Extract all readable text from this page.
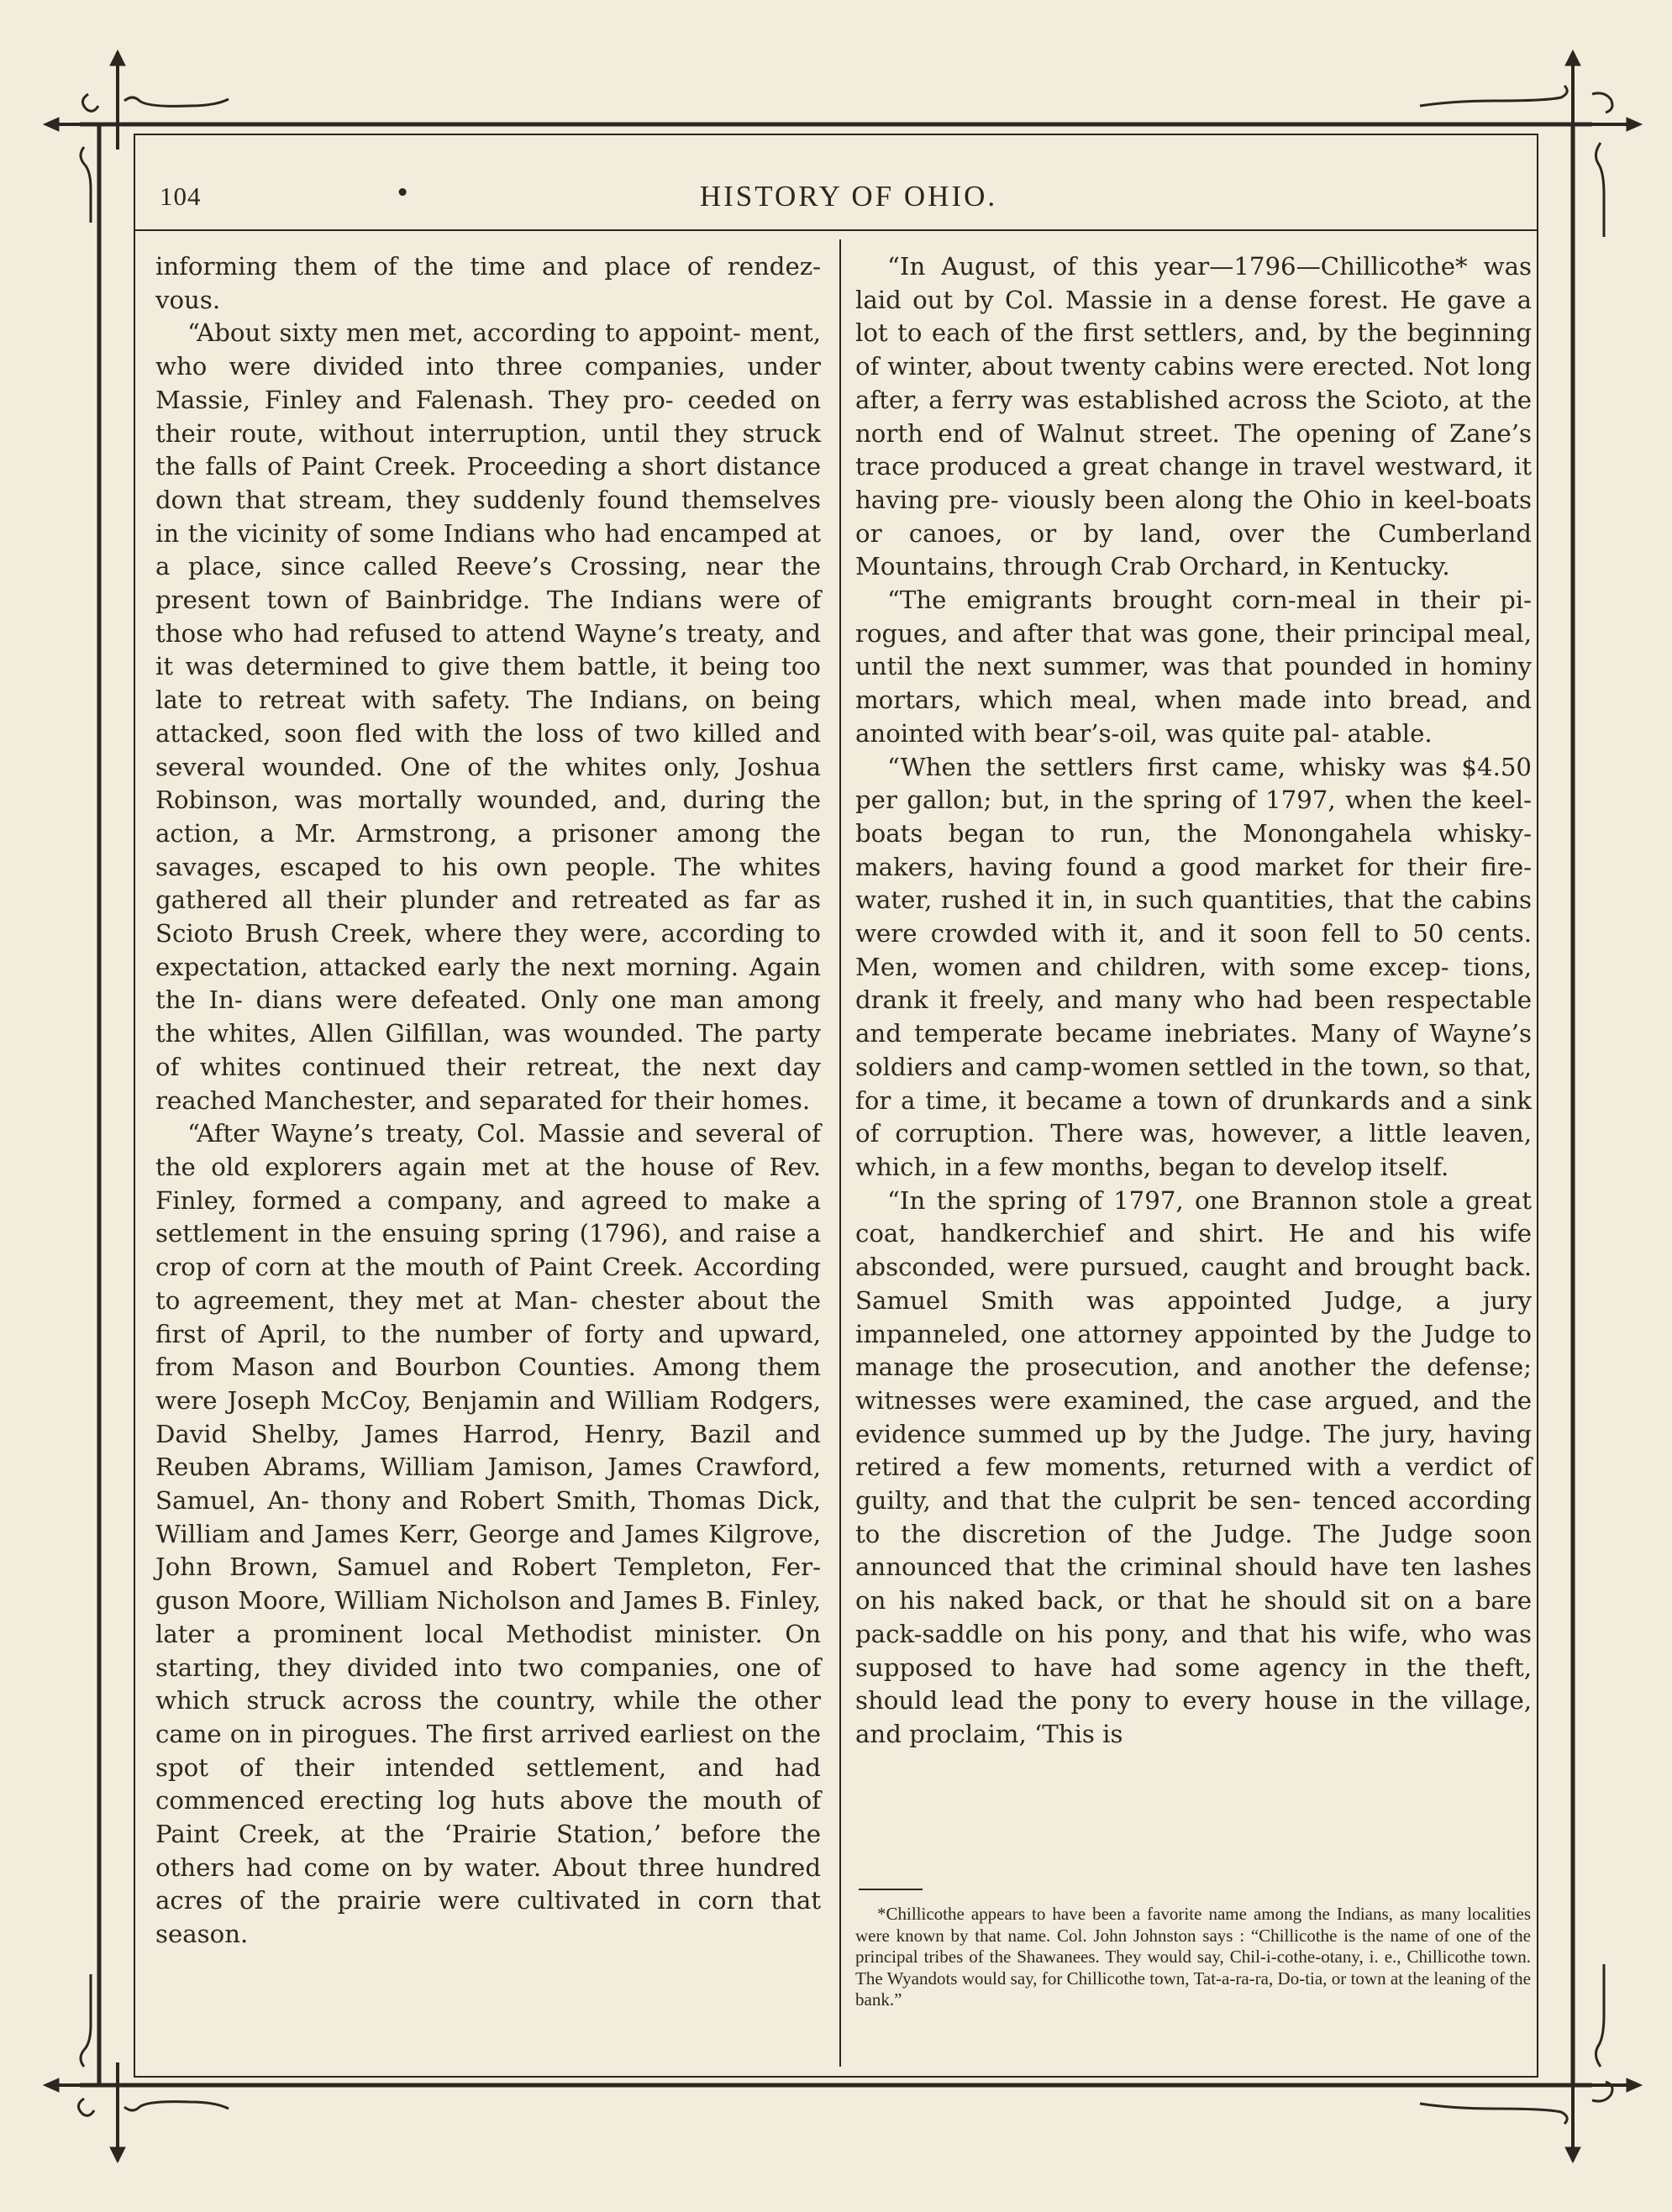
104	•	HISTORY OF OHIO.

informing them of the time and place of rendez- vous.

“About sixty men met, according to appoint- ment, who were divided into three companies, under Massie, Finley and Falenash. They pro- ceeded on their route, without interruption, until they struck the falls of Paint Creek. Proceeding a short distance down that stream, they suddenly found themselves in the vicinity of some Indians who had encamped at a place, since called Reeve’s Crossing, near the present town of Bainbridge. The Indians were of those who had refused to attend Wayne’s treaty, and it was determined to give them battle, it being too late to retreat with safety. The Indians, on being attacked, soon fled with the loss of two killed and several wounded. One of the whites only, Joshua Robinson, was mortally wounded, and, during the action, a Mr. Armstrong, a prisoner among the savages, escaped to his own people. The whites gathered all their plunder and retreated as far as Scioto Brush Creek, where they were, according to expectation, attacked early the next morning. Again the In- dians were defeated. Only one man among the whites, Allen Gilfillan, was wounded. The party of whites continued their retreat, the next day reached Manchester, and separated for their homes.

“After Wayne’s treaty, Col. Massie and several of the old explorers again met at the house of Rev. Finley, formed a company, and agreed to make a settlement in the ensuing spring (1796), and raise a crop of corn at the mouth of Paint Creek. According to agreement, they met at Man- chester about the first of April, to the number of forty and upward, from Mason and Bourbon Counties. Among them were Joseph McCoy, Benjamin and William Rodgers, David Shelby, James Harrod, Henry, Bazil and Reuben Abrams, William Jamison, James Crawford, Samuel, An- thony and Robert Smith, Thomas Dick, William and James Kerr, George and James Kilgrove, John Brown, Samuel and Robert Templeton, Fer- guson Moore, William Nicholson and James B. Finley, later a prominent local Methodist minister. On starting, they divided into two companies, one of which struck across the country, while the other came on in pirogues. The first arrived earliest on the spot of their intended settlement, and had commenced erecting log huts above the mouth of Paint Creek, at the ‘Prairie Station,’ before the others had come on by water. About three hundred acres of the prairie were cultivated in corn that season.

“In August, of this year—1796—Chillicothe* was laid out by Col. Massie in a dense forest. He gave a lot to each of the first settlers, and, by the beginning of winter, about twenty cabins were erected. Not long after, a ferry was established across the Scioto, at the north end of Walnut street. The opening of Zane’s trace produced a great change in travel westward, it having pre- viously been along the Ohio in keel-boats or canoes, or by land, over the Cumberland Mountains, through Crab Orchard, in Kentucky.

“The emigrants brought corn-meal in their pi- rogues, and after that was gone, their principal meal, until the next summer, was that pounded in hominy mortars, which meal, when made into bread, and anointed with bear’s-oil, was quite pal- atable.

“When the settlers first came, whisky was $4.50 per gallon; but, in the spring of 1797, when the keel-boats began to run, the Monongahela whisky- makers, having found a good market for their fire- water, rushed it in, in such quantities, that the cabins were crowded with it, and it soon fell to 50 cents. Men, women and children, with some excep- tions, drank it freely, and many who had been respectable and temperate became inebriates. Many of Wayne’s soldiers and camp-women settled in the town, so that, for a time, it became a town of drunkards and a sink of corruption. There was, however, a little leaven, which, in a few months, began to develop itself.

“In the spring of 1797, one Brannon stole a great coat, handkerchief and shirt. He and his wife absconded, were pursued, caught and brought back. Samuel Smith was appointed Judge, a jury impanneled, one attorney appointed by the Judge to manage the prosecution, and another the defense; witnesses were examined, the case argued, and the evidence summed up by the Judge. The jury, having retired a few moments, returned with a verdict of guilty, and that the culprit be sen- tenced according to the discretion of the Judge. The Judge soon announced that the criminal should have ten lashes on his naked back, or that he should sit on a bare pack-saddle on his pony, and that his wife, who was supposed to have had some agency in the theft, should lead the pony to every house in the village, and proclaim, ‘This is

*Chillicothe appears to have been a favorite name among the Indians, as many localities were known by that name. Col. John Johnston says : “Chillicothe is the name of one of the principal tribes of the Shawanees. They would say, Chil-i-cothe-otany, i. e., Chillicothe town. The Wyandots would say, for Chillicothe town, Tat-a-ra-ra, Do-tia, or town at the leaning of the bank.”
